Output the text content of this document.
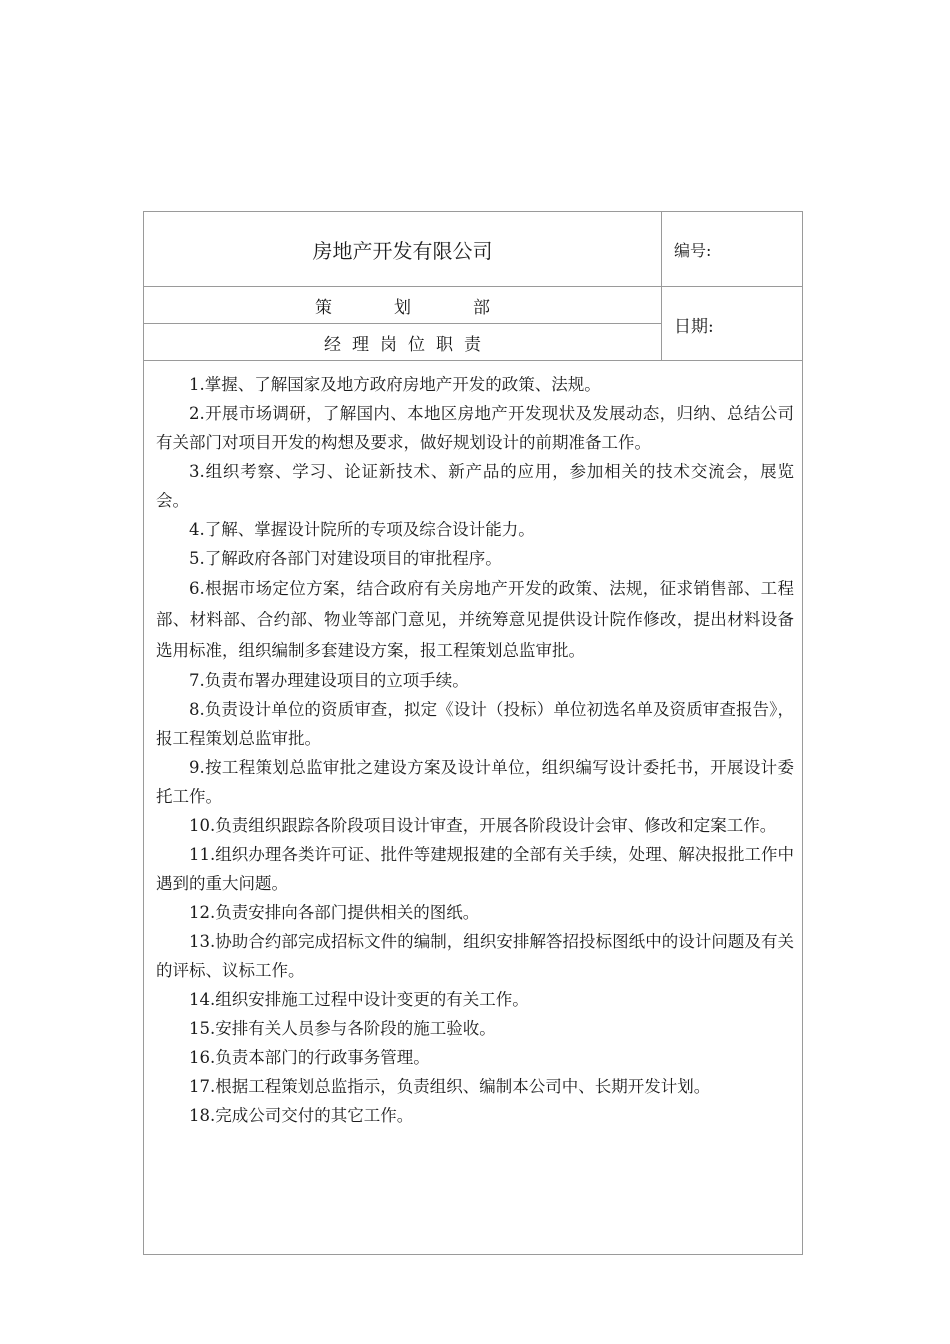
房地产开发有限公司	编号:
策划部
日期:
经理岗位职责

1.掌握、了解国家及地方政府房地产开发的政策、法规。

2.开展市场调研，了解国内、本地区房地产开发现状及发展动态，归纳、总结公司有关部门对项目开发的构想及要求，做好规划设计的前期准备工作。

3.组织考察、学习、论证新技术、新产品的应用，参加相关的技术交流会，展览会。

4.了解、掌握设计院所的专项及综合设计能力。

5.了解政府各部门对建设项目的审批程序。

6.根据市场定位方案，结合政府有关房地产开发的政策、法规，征求销售部、工程部、材料部、合约部、物业等部门意见，并统筹意见提供设计院作修改，提出材料设备选用标准，组织编制多套建设方案，报工程策划总监审批。

7.负责布署办理建设项目的立项手续。

8.负责设计单位的资质审查，拟定《设计（投标）单位初选名单及资质审查报告》，报工程策划总监审批。

9.按工程策划总监审批之建设方案及设计单位，组织编写设计委托书，开展设计委托工作。

10.负责组织跟踪各阶段项目设计审查，开展各阶段设计会审、修改和定案工作。

11.组织办理各类许可证、批件等建规报建的全部有关手续，处理、解决报批工作中遇到的重大问题。

12.负责安排向各部门提供相关的图纸。

13.协助合约部完成招标文件的编制，组织安排解答招投标图纸中的设计问题及有关的评标、议标工作。

14.组织安排施工过程中设计变更的有关工作。

15.安排有关人员参与各阶段的施工验收。

16.负责本部门的行政事务管理。

17.根据工程策划总监指示，负责组织、编制本公司中、长期开发计划。

18.完成公司交付的其它工作。
